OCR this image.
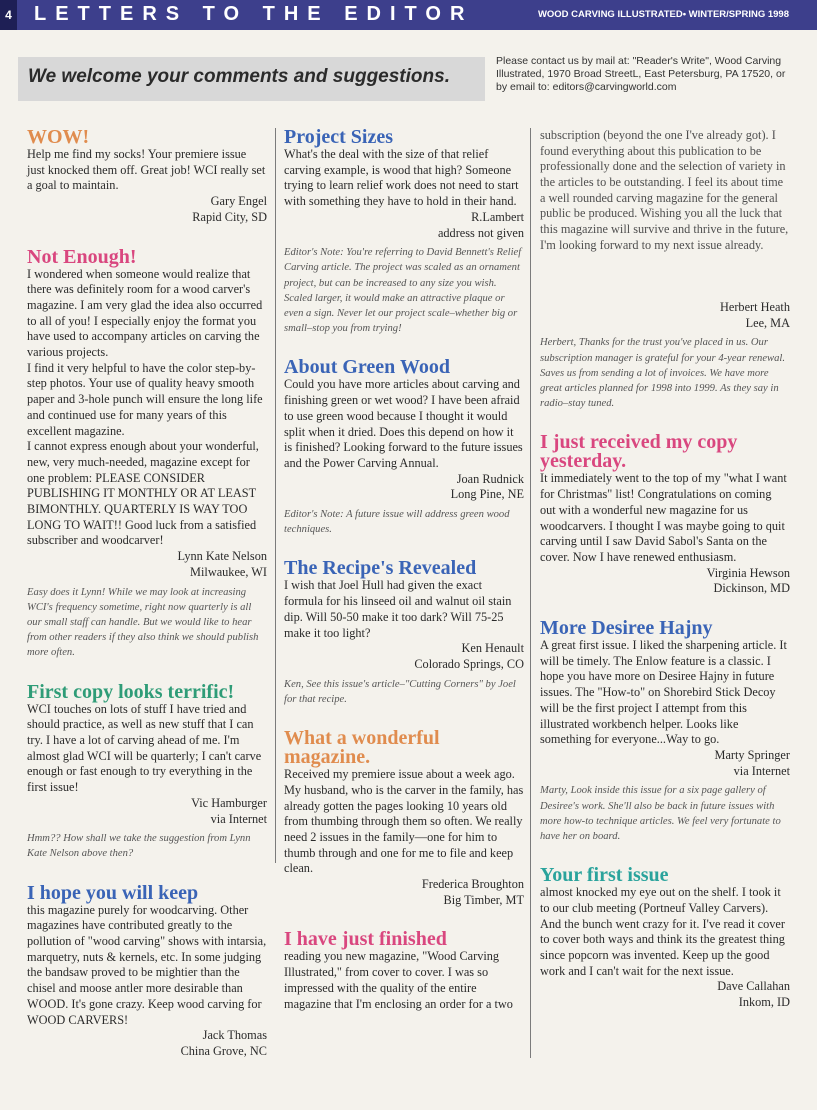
4 LETTERS TO THE EDITOR	WOOD CARVING ILLUSTRATED• WINTER/SPRING 1998
We welcome your comments and suggestions.
Please contact us by mail at: "Reader's Write", Wood Carving Illustrated, 1970 Broad StreetL, East Petersburg, PA 17520, or by email to: editors@carvingworld.com
WOW!

Help me find my socks! Your premiere issue just knocked them off. Great job! WCI really set a goal to maintain.

Gary Engel
Rapid City, SD
Not Enough!

I wondered when someone would realize that there was definitely room for a wood carver's magazine. I am very glad the idea also occurred to all of you! I especially enjoy the format you have used to accompany articles on carving the various projects.

I find it very helpful to have the color step-by-step photos. Your use of quality heavy smooth paper and 3-hole punch will ensure the long life and continued use for many years of this excellent magazine.

I cannot express enough about your wonderful, new, very much-needed, magazine except for one problem: PLEASE CONSIDER PUBLISHING IT MONTHLY OR AT LEAST BIMONTHLY. QUARTERLY IS WAY TOO LONG TO WAIT!! Good luck from a satisfied subscriber and woodcarver!

Lynn Kate Nelson
Milwaukee, WI
Easy does it Lynn! While we may look at increasing WCI's frequency sometime, right now quarterly is all our small staff can handle. But we would like to hear from other readers if they also think we should publish more often.
First copy looks terrific!

WCI touches on lots of stuff I have tried and should practice, as well as new stuff that I can try. I have a lot of carving ahead of me. I'm almost glad WCI will be quarterly; I can't carve enough or fast enough to try everything in the first issue!

Vic Hamburger
via Internet
Hmm?? How shall we take the suggestion from Lynn Kate Nelson above then?
I hope you will keep

this magazine purely for woodcarving. Other magazines have contributed greatly to the pollution of "wood carving" shows with intarsia, marquetry, nuts & kernels, etc. In some judging the bandsaw proved to be mightier than the chisel and moose antler more desirable than WOOD. It's gone crazy. Keep wood carving for WOOD CARVERS!

Jack Thomas
China Grove, NC
Project Sizes

What's the deal with the size of that relief carving example, is wood that high? Someone trying to learn relief work does not need to start with something they have to hold in their hand.

R.Lambert
address not given
Editor's Note: You're referring to David Bennett's Relief Carving article. The project was scaled as an ornament project, but can be increased to any size you wish. Scaled larger, it would make an attractive plaque or even a sign. Never let our project scale–whether big or small–stop you from trying!
About Green Wood

Could you have more articles about carving and finishing green or wet wood? I have been afraid to use green wood because I thought it would split when it dried. Does this depend on how it is finished? Looking forward to the future issues and the Power Carving Annual.

Joan Rudnick
Long Pine, NE
Editor's Note: A future issue will address green wood techniques.
The Recipe's Revealed

I wish that Joel Hull had given the exact formula for his linseed oil and walnut oil stain dip. Will 50-50 make it too dark? Will 75-25 make it too light?

Ken Henault
Colorado Springs, CO
Ken, See this issue's article–"Cutting Corners" by Joel for that recipe.
What a wonderful magazine.

Received my premiere issue about a week ago. My husband, who is the carver in the family, has already gotten the pages looking 10 years old from thumbing through them so often. We really need 2 issues in the family—one for him to thumb through and one for me to file and keep clean.

Frederica Broughton
Big Timber, MT
I have just finished

reading you new magazine, "Wood Carving Illustrated," from cover to cover. I was so impressed with the quality of the entire magazine that I'm enclosing an order for a two

subscription (beyond the one I've already got). I found everything about this publication to be professionally done and the selection of variety in the articles to be outstanding. I feel its about time a well rounded carving magazine for the general public be produced. Wishing you all the luck that this magazine will survive and thrive in the future, I'm looking forward to my next issue already.

Herbert Heath
Lee, MA
Herbert, Thanks for the trust you've placed in us. Our subscription manager is grateful for your 4-year renewal. Saves us from sending a lot of invoices. We have more great articles planned for 1998 into 1999. As they say in radio–stay tuned.
I just received my copy yesterday.

It immediately went to the top of my "what I want for Christmas" list! Congratulations on coming out with a wonderful new magazine for us woodcarvers. I thought I was maybe going to quit carving until I saw David Sabol's Santa on the cover. Now I have renewed enthusiasm.

Virginia Hewson
Dickinson, MD
More Desiree Hajny

A great first issue. I liked the sharpening article. It will be timely. The Enlow feature is a classic. I hope you have more on Desiree Hajny in future issues. The "How-to" on Shorebird Stick Decoy will be the first project I attempt from this illustrated workbench helper. Looks like something for everyone...Way to go.

Marty Springer
via Internet
Marty, Look inside this issue for a six page gallery of Desiree's work. She'll also be back in future issues with more how-to technique articles. We feel very fortunate to have her on board.
Your first issue

almost knocked my eye out on the shelf. I took it to our club meeting (Portneuf Valley Carvers). And the bunch went crazy for it. I've read it cover to cover both ways and think its the greatest thing since popcorn was invented. Keep up the good work and I can't wait for the next issue.

Dave Callahan
Inkom, ID
